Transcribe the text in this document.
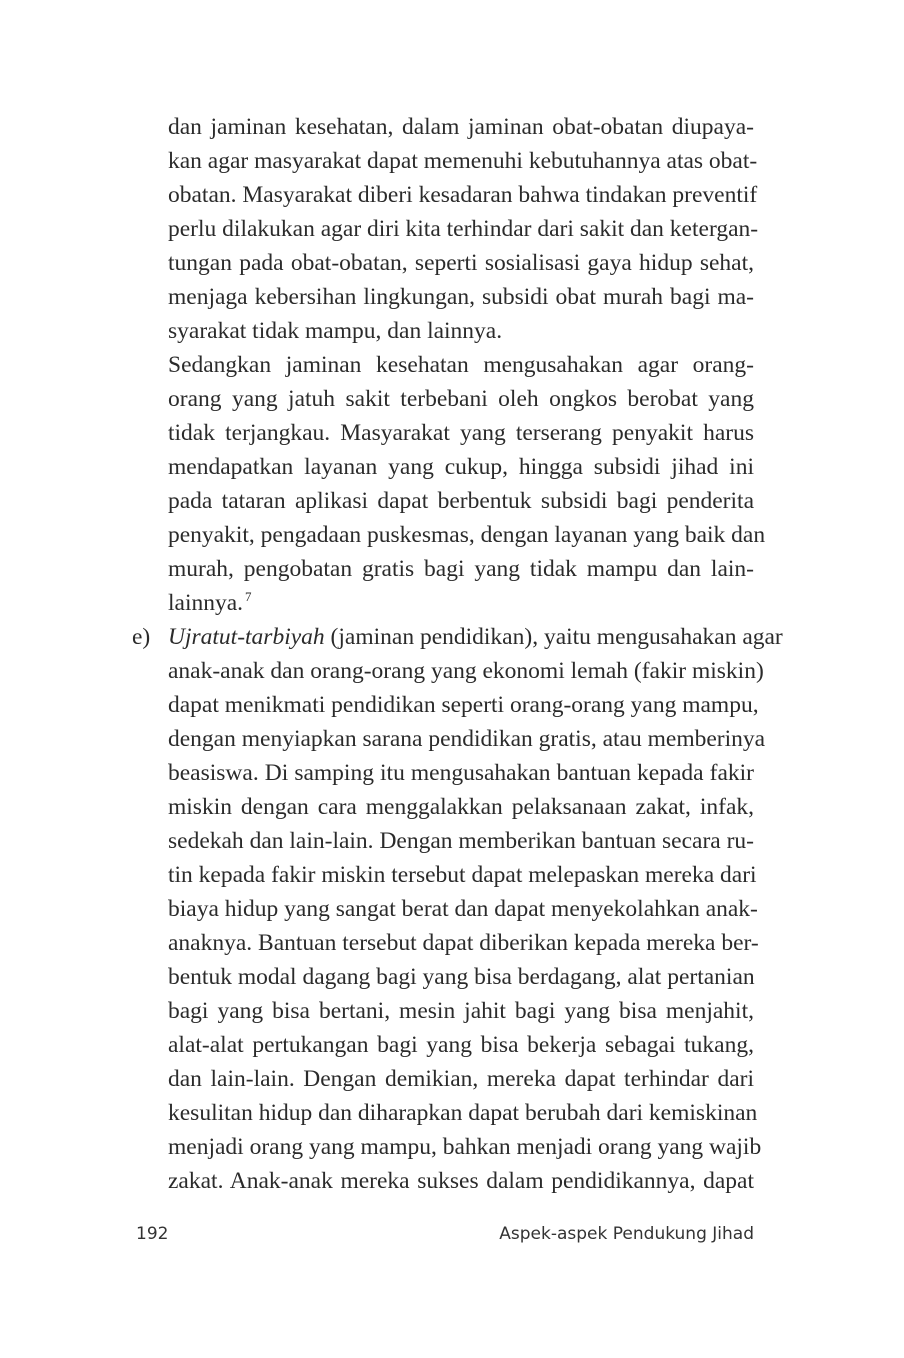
dan jaminan kesehatan, dalam jaminan obat-obatan diupaya-
kan agar masyarakat dapat memenuhi kebutuhannya atas obat-
obatan. Masyarakat diberi kesadaran bahwa tindakan preventif
perlu dilakukan agar diri kita terhindar dari sakit dan ketergan-
tungan pada obat-obatan, seperti sosialisasi gaya hidup sehat,
menjaga kebersihan lingkungan, subsidi obat murah bagi ma-
syarakat tidak mampu, dan lainnya.
Sedangkan jaminan kesehatan mengusahakan agar orang-
orang yang jatuh sakit terbebani oleh ongkos berobat yang
tidak terjangkau. Masyarakat yang terserang penyakit harus
mendapatkan layanan yang cukup, hingga subsidi jihad ini
pada tataran aplikasi dapat berbentuk subsidi bagi penderita
penyakit, pengadaan puskesmas, dengan layanan yang baik dan
murah, pengobatan gratis bagi yang tidak mampu dan lain-
lainnya. $^7$
e) Ujratut-tarbiyah (jaminan pendidikan), yaitu mengusahakan agar
anak-anak dan orang-orang yang ekonomi lemah (fakir miskin)
dapat menikmati pendidikan seperti orang-orang yang mampu,
dengan menyiapkan sarana pendidikan gratis, atau memberinya
beasiswa. Di samping itu mengusahakan bantuan kepada fakir
miskin dengan cara menggalakkan pelaksanaan zakat, infak,
sedekah dan lain-lain. Dengan memberikan bantuan secara ru-
tin kepada fakir miskin tersebut dapat melepaskan mereka dari
biaya hidup yang sangat berat dan dapat menyekolahkan anak-
anaknya. Bantuan tersebut dapat diberikan kepada mereka ber-
bentuk modal dagang bagi yang bisa berdagang, alat pertanian
bagi yang bisa bertani, mesin jahit bagi yang bisa menjahit,
alat-alat pertukangan bagi yang bisa bekerja sebagai tukang,
dan lain-lain. Dengan demikian, mereka dapat terhindar dari
kesulitan hidup dan diharapkan dapat berubah dari kemiskinan
menjadi orang yang mampu, bahkan menjadi orang yang wajib
zakat. Anak-anak mereka sukses dalam pendidikannya, dapat
192	Aspek-aspek Pendukung Jihad
